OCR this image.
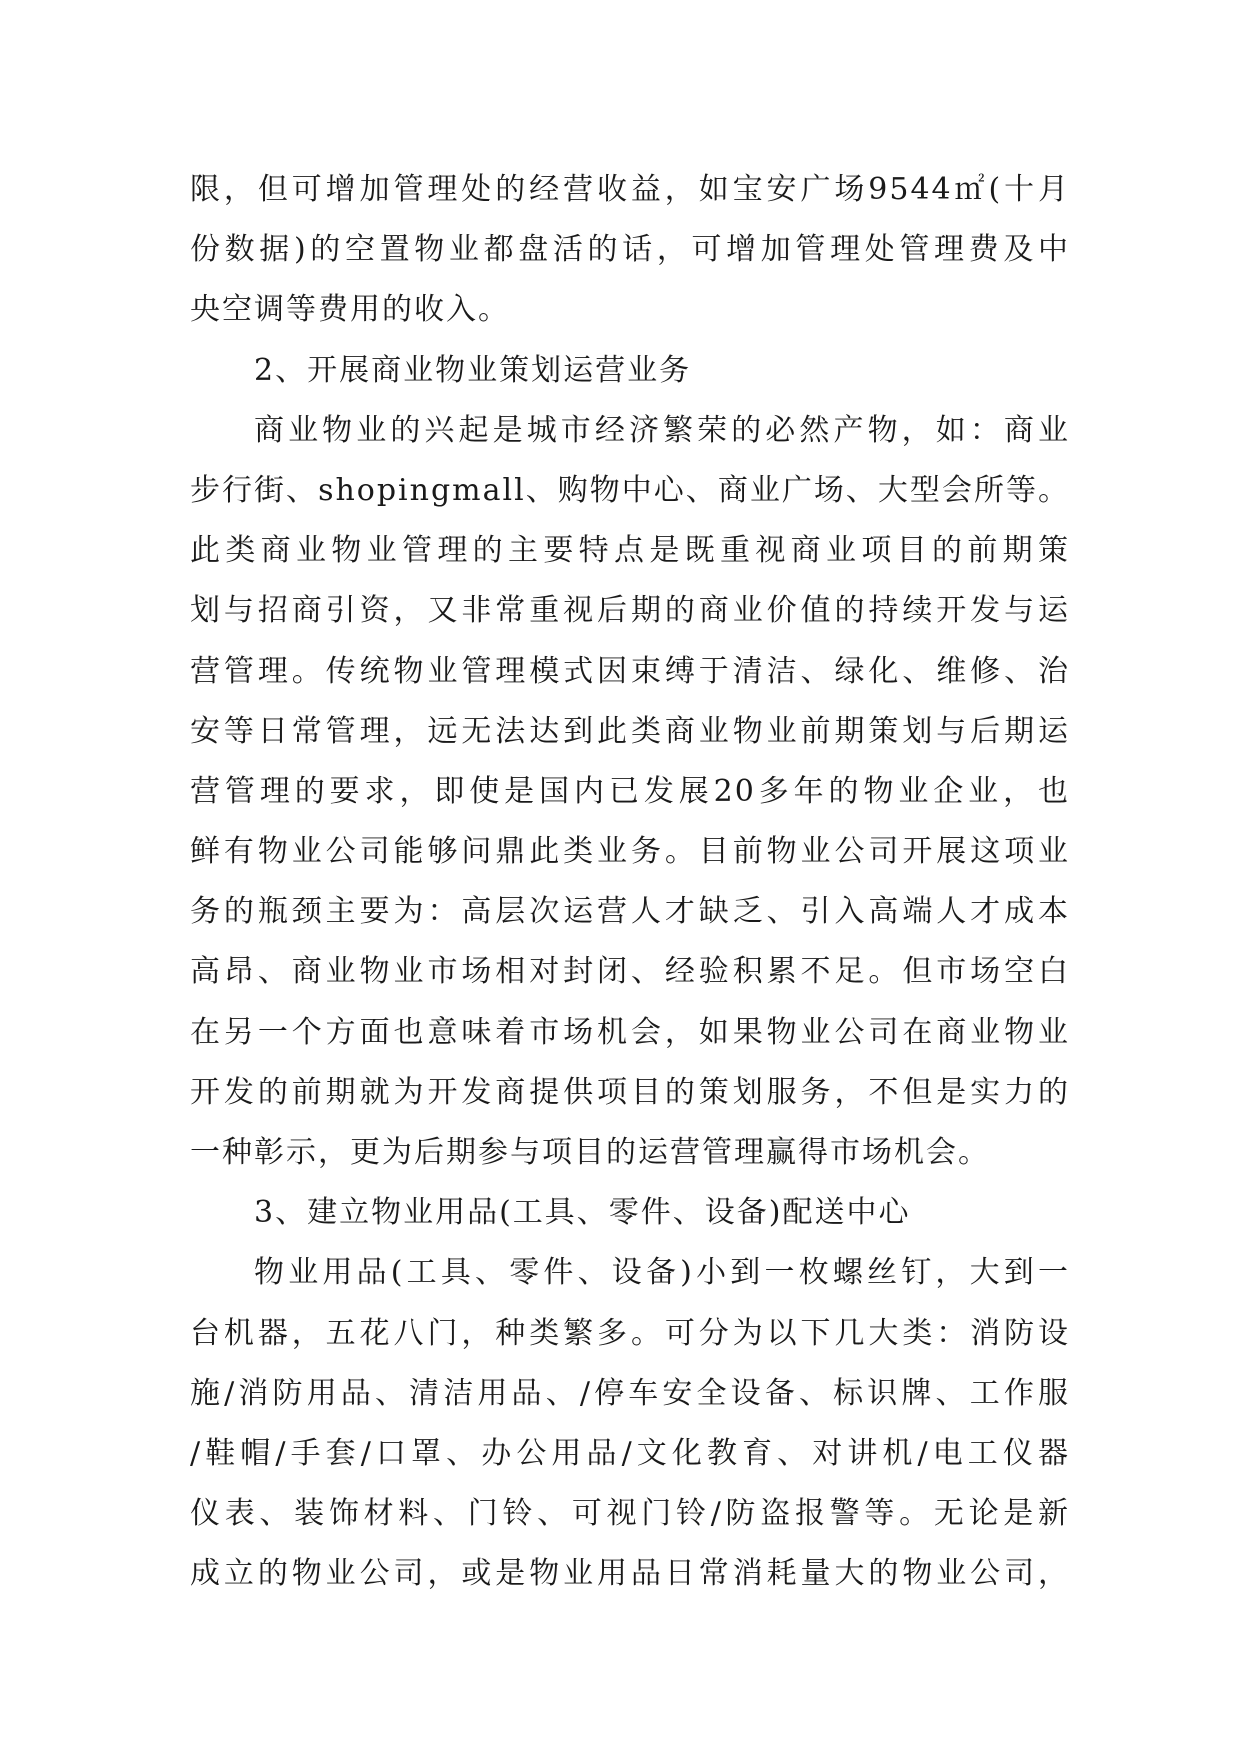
限，但可增加管理处的经营收益，如宝安广场9544㎡(十月
份数据)的空置物业都盘活的话，可增加管理处管理费及中
央空调等费用的收入。
2、开展商业物业策划运营业务
商业物业的兴起是城市经济繁荣的必然产物，如：商业
步行街、shopingmall、购物中心、商业广场、大型会所等。
此类商业物业管理的主要特点是既重视商业项目的前期策
划与招商引资，又非常重视后期的商业价值的持续开发与运
营管理。传统物业管理模式因束缚于清洁、绿化、维修、治
安等日常管理，远无法达到此类商业物业前期策划与后期运
营管理的要求，即使是国内已发展20多年的物业企业，也
鲜有物业公司能够问鼎此类业务。目前物业公司开展这项业
务的瓶颈主要为：高层次运营人才缺乏、引入高端人才成本
高昂、商业物业市场相对封闭、经验积累不足。但市场空白
在另一个方面也意味着市场机会，如果物业公司在商业物业
开发的前期就为开发商提供项目的策划服务，不但是实力的
一种彰示，更为后期参与项目的运营管理赢得市场机会。
3、建立物业用品(工具、零件、设备)配送中心
物业用品(工具、零件、设备)小到一枚螺丝钉，大到一
台机器，五花八门，种类繁多。可分为以下几大类：消防设
施/消防用品、清洁用品、/停车安全设备、标识牌、工作服
/鞋帽/手套/口罩、办公用品/文化教育、对讲机/电工仪器
仪表、装饰材料、门铃、可视门铃/防盗报警等。无论是新
成立的物业公司，或是物业用品日常消耗量大的物业公司，
